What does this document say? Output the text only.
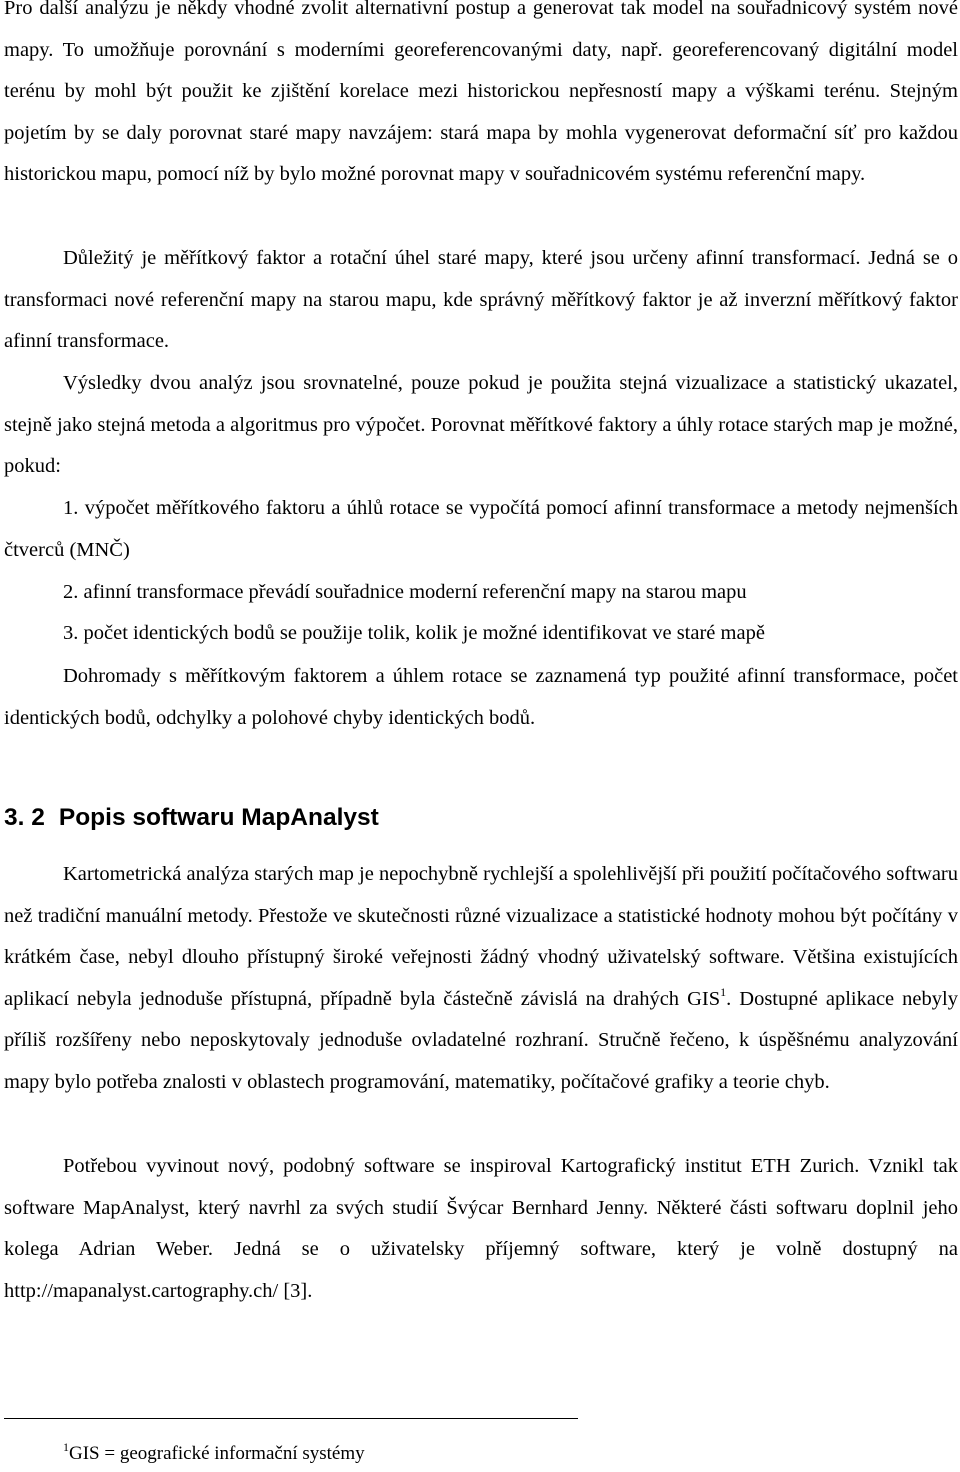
Pro další analýzu je někdy vhodné zvolit alternativní postup a generovat tak model na souřadnicový systém nové mapy. To umožňuje porovnání s moderními georeferencovanými daty, např. georeferencovaný digitální model terénu by mohl být použit ke zjištění korelace mezi historickou nepřesností mapy a výškami terénu. Stejným pojetím by se daly porovnat staré mapy navzájem: stará mapa by mohla vygenerovat deformační síť pro každou historickou mapu, pomocí níž by bylo možné porovnat mapy v souřadnicovém systému referenční mapy.

Důležitý je měřítkový faktor a rotační úhel staré mapy, které jsou určeny afinní transformací. Jedná se o transformaci nové referenční mapy na starou mapu, kde správný měřítkový faktor je až inverzní měřítkový faktor afinní transformace.

Výsledky dvou analýz jsou srovnatelné, pouze pokud je použita stejná vizualizace a statistický ukazatel, stejně jako stejná metoda a algoritmus pro výpočet. Porovnat měřítkové faktory a úhly rotace starých map je možné, pokud:

1. výpočet měřítkového faktoru a úhlů rotace se vypočítá pomocí afinní transformace a metody nejmenších čtverců (MNČ)

2. afinní transformace převádí souřadnice moderní referenční mapy na starou mapu

3. počet identických bodů se použije tolik, kolik je možné identifikovat ve staré mapě

Dohromady s měřítkovým faktorem a úhlem rotace se zaznamená typ použité afinní transformace, počet identických bodů, odchylky a polohové chyby identických bodů.

3. 2 Popis softwaru MapAnalyst

Kartometrická analýza starých map je nepochybně rychlejší a spolehlivější při použití počítačového softwaru než tradiční manuální metody. Přestože ve skutečnosti různé vizualizace a statistické hodnoty mohou být počítány v krátkém čase, nebyl dlouho přístupný široké veřejnosti žádný vhodný uživatelský software. Většina existujících aplikací nebyla jednoduše přístupná, případně byla částečně závislá na drahých GIS$^1$. Dostupné aplikace nebyly příliš rozšířeny nebo neposkytovaly jednoduše ovladatelné rozhraní. Stručně řečeno, k úspěšnému analyzování mapy bylo potřeba znalosti v oblastech programování, matematiky, počítačové grafiky a teorie chyb.

Potřebou vyvinout nový, podobný software se inspiroval Kartografický institut ETH Zurich. Vznikl tak software MapAnalyst, který navrhl za svých studií Švýcar Bernhard Jenny. Některé části softwaru doplnil jeho kolega Adrian Weber. Jedná se o uživatelsky příjemný software, který je volně dostupný na http://mapanalyst.cartography.ch/ [3].

$^1$GIS = geografické informační systémy
